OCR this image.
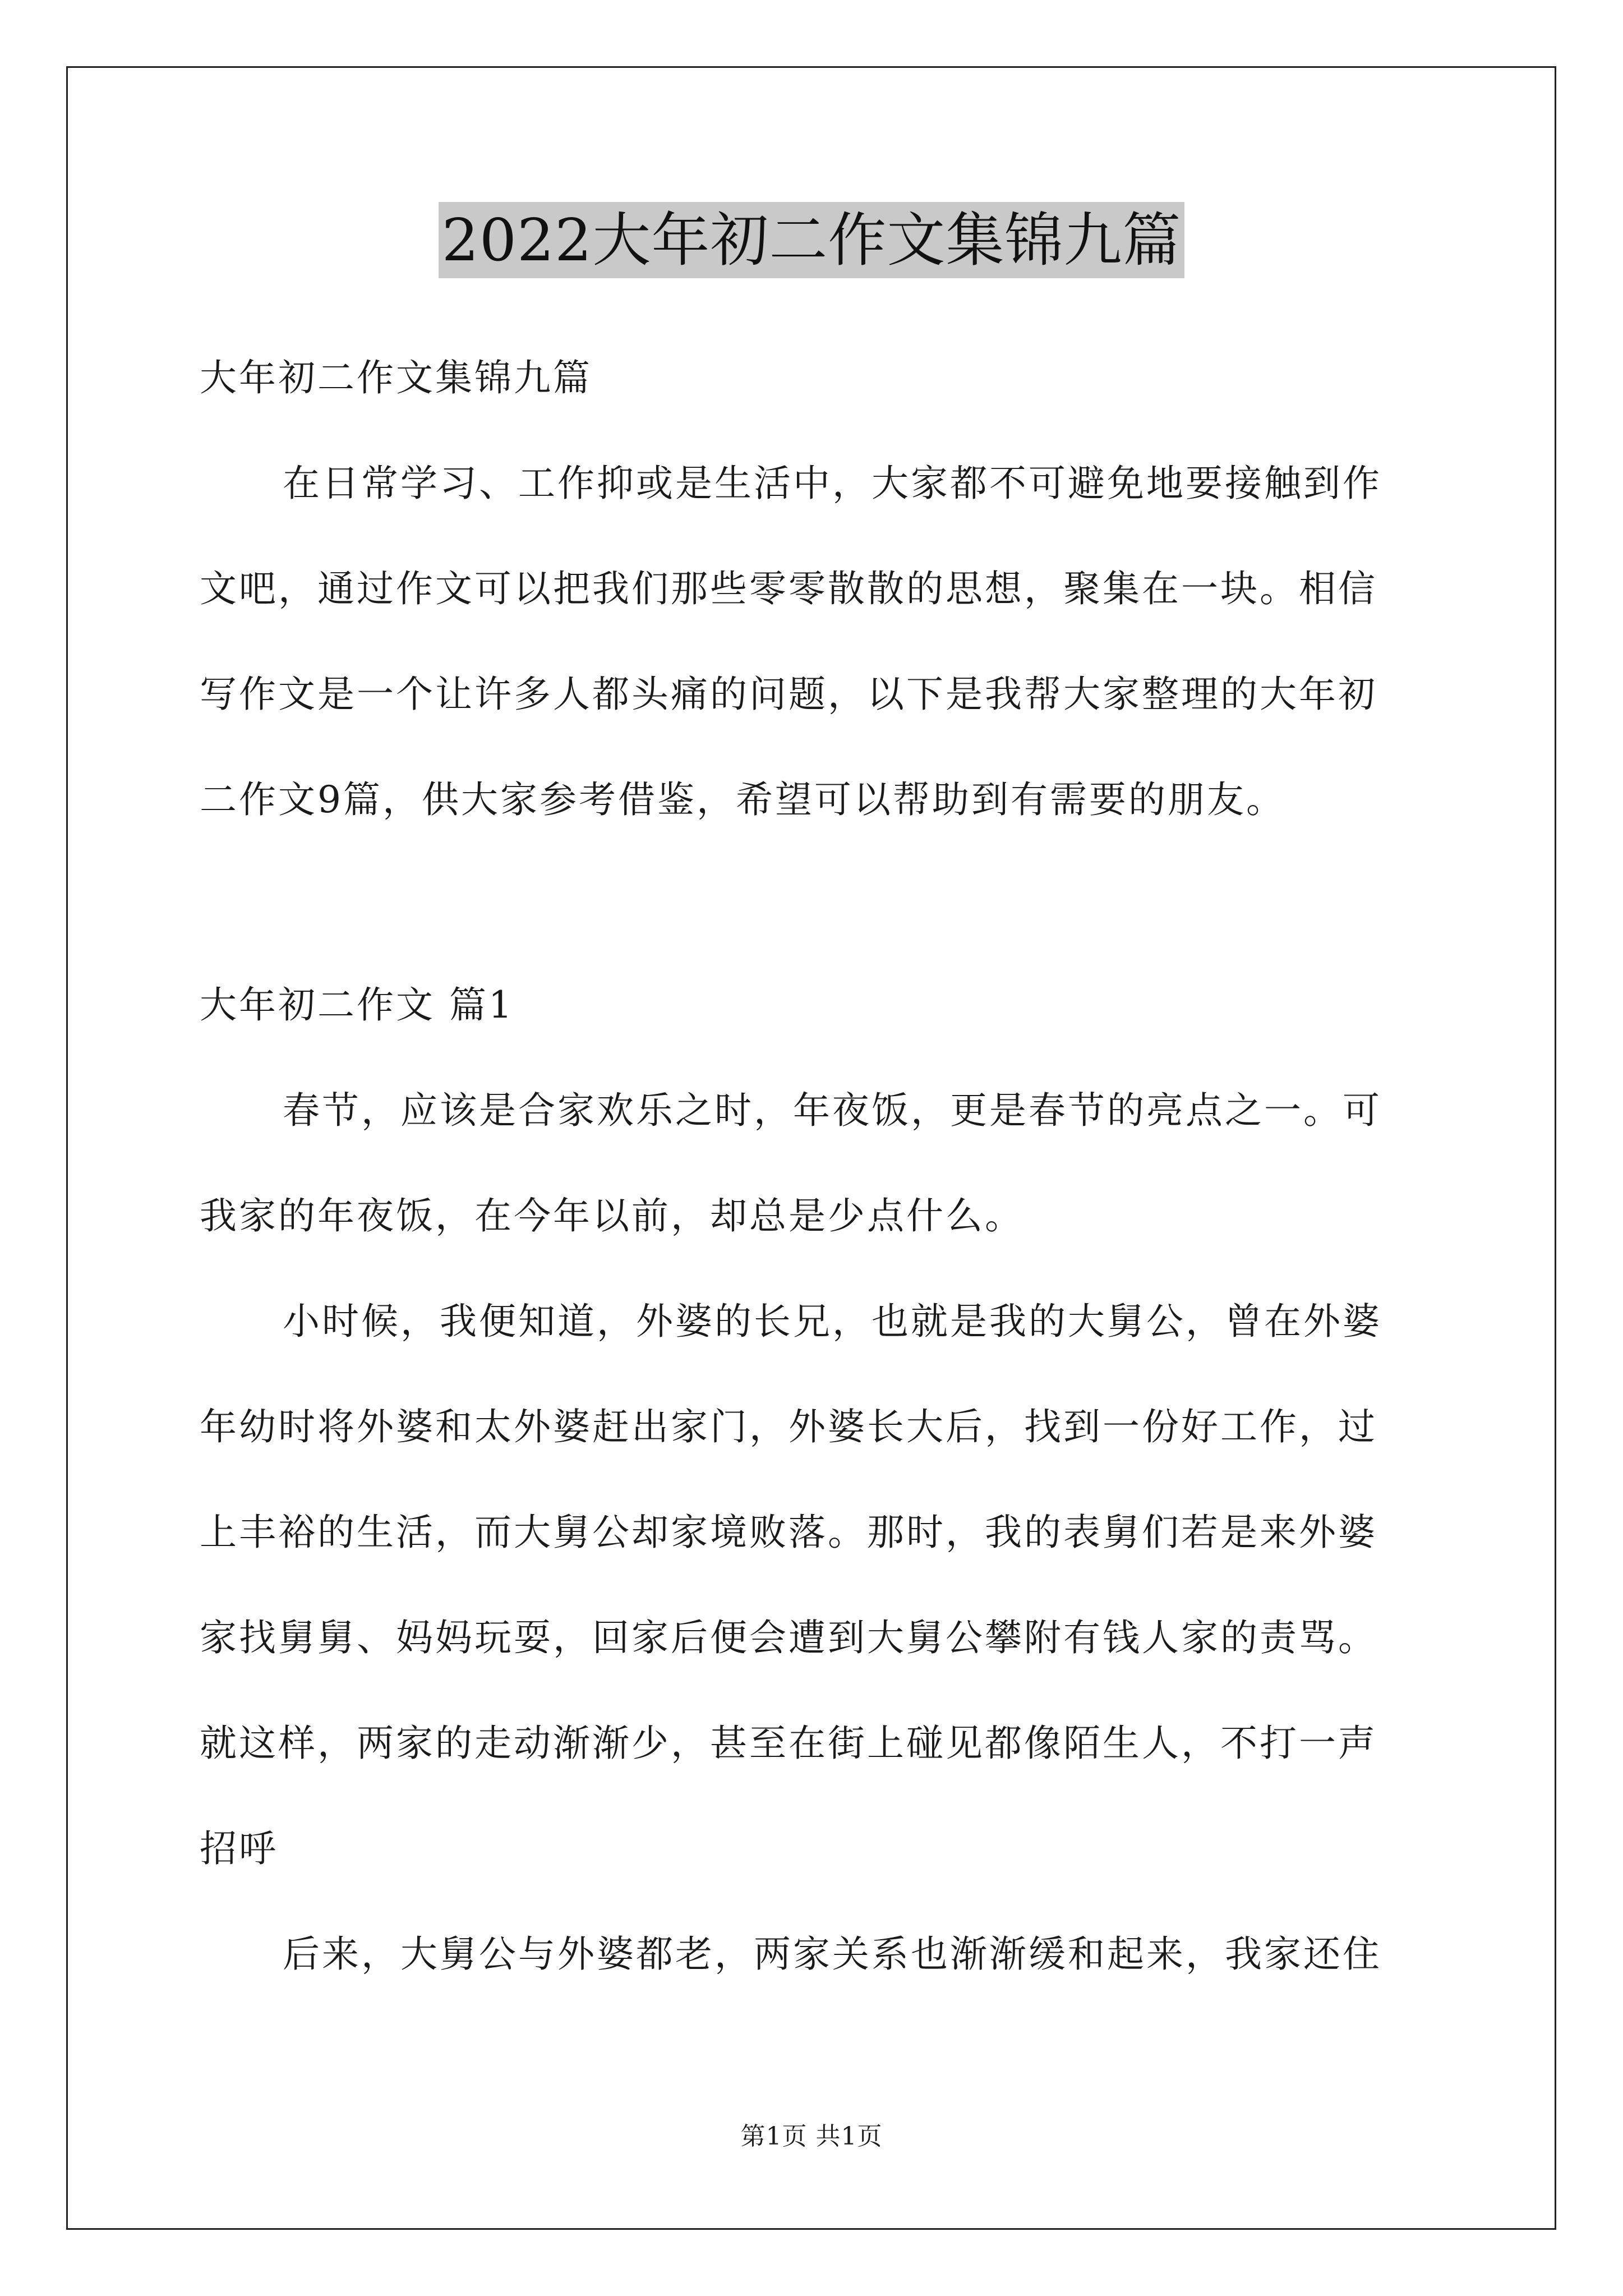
2022大年初二作文集锦九篇
大年初二作文集锦九篇
在日常学习、工作抑或是生活中，大家都不可避免地要接触到作
文吧，通过作文可以把我们那些零零散散的思想，聚集在一块。相信
写作文是一个让许多人都头痛的问题，以下是我帮大家整理的大年初
二作文9篇，供大家参考借鉴，希望可以帮助到有需要的朋友。
大年初二作文 篇1
春节，应该是合家欢乐之时，年夜饭，更是春节的亮点之一。可
我家的年夜饭，在今年以前，却总是少点什么。
小时候，我便知道，外婆的长兄，也就是我的大舅公，曾在外婆
年幼时将外婆和太外婆赶出家门，外婆长大后，找到一份好工作，过
上丰裕的生活，而大舅公却家境败落。那时，我的表舅们若是来外婆
家找舅舅、妈妈玩耍，回家后便会遭到大舅公攀附有钱人家的责骂。
就这样，两家的走动渐渐少，甚至在街上碰见都像陌生人，不打一声
招呼
后来，大舅公与外婆都老，两家关系也渐渐缓和起来，我家还住
第1页 共1页
